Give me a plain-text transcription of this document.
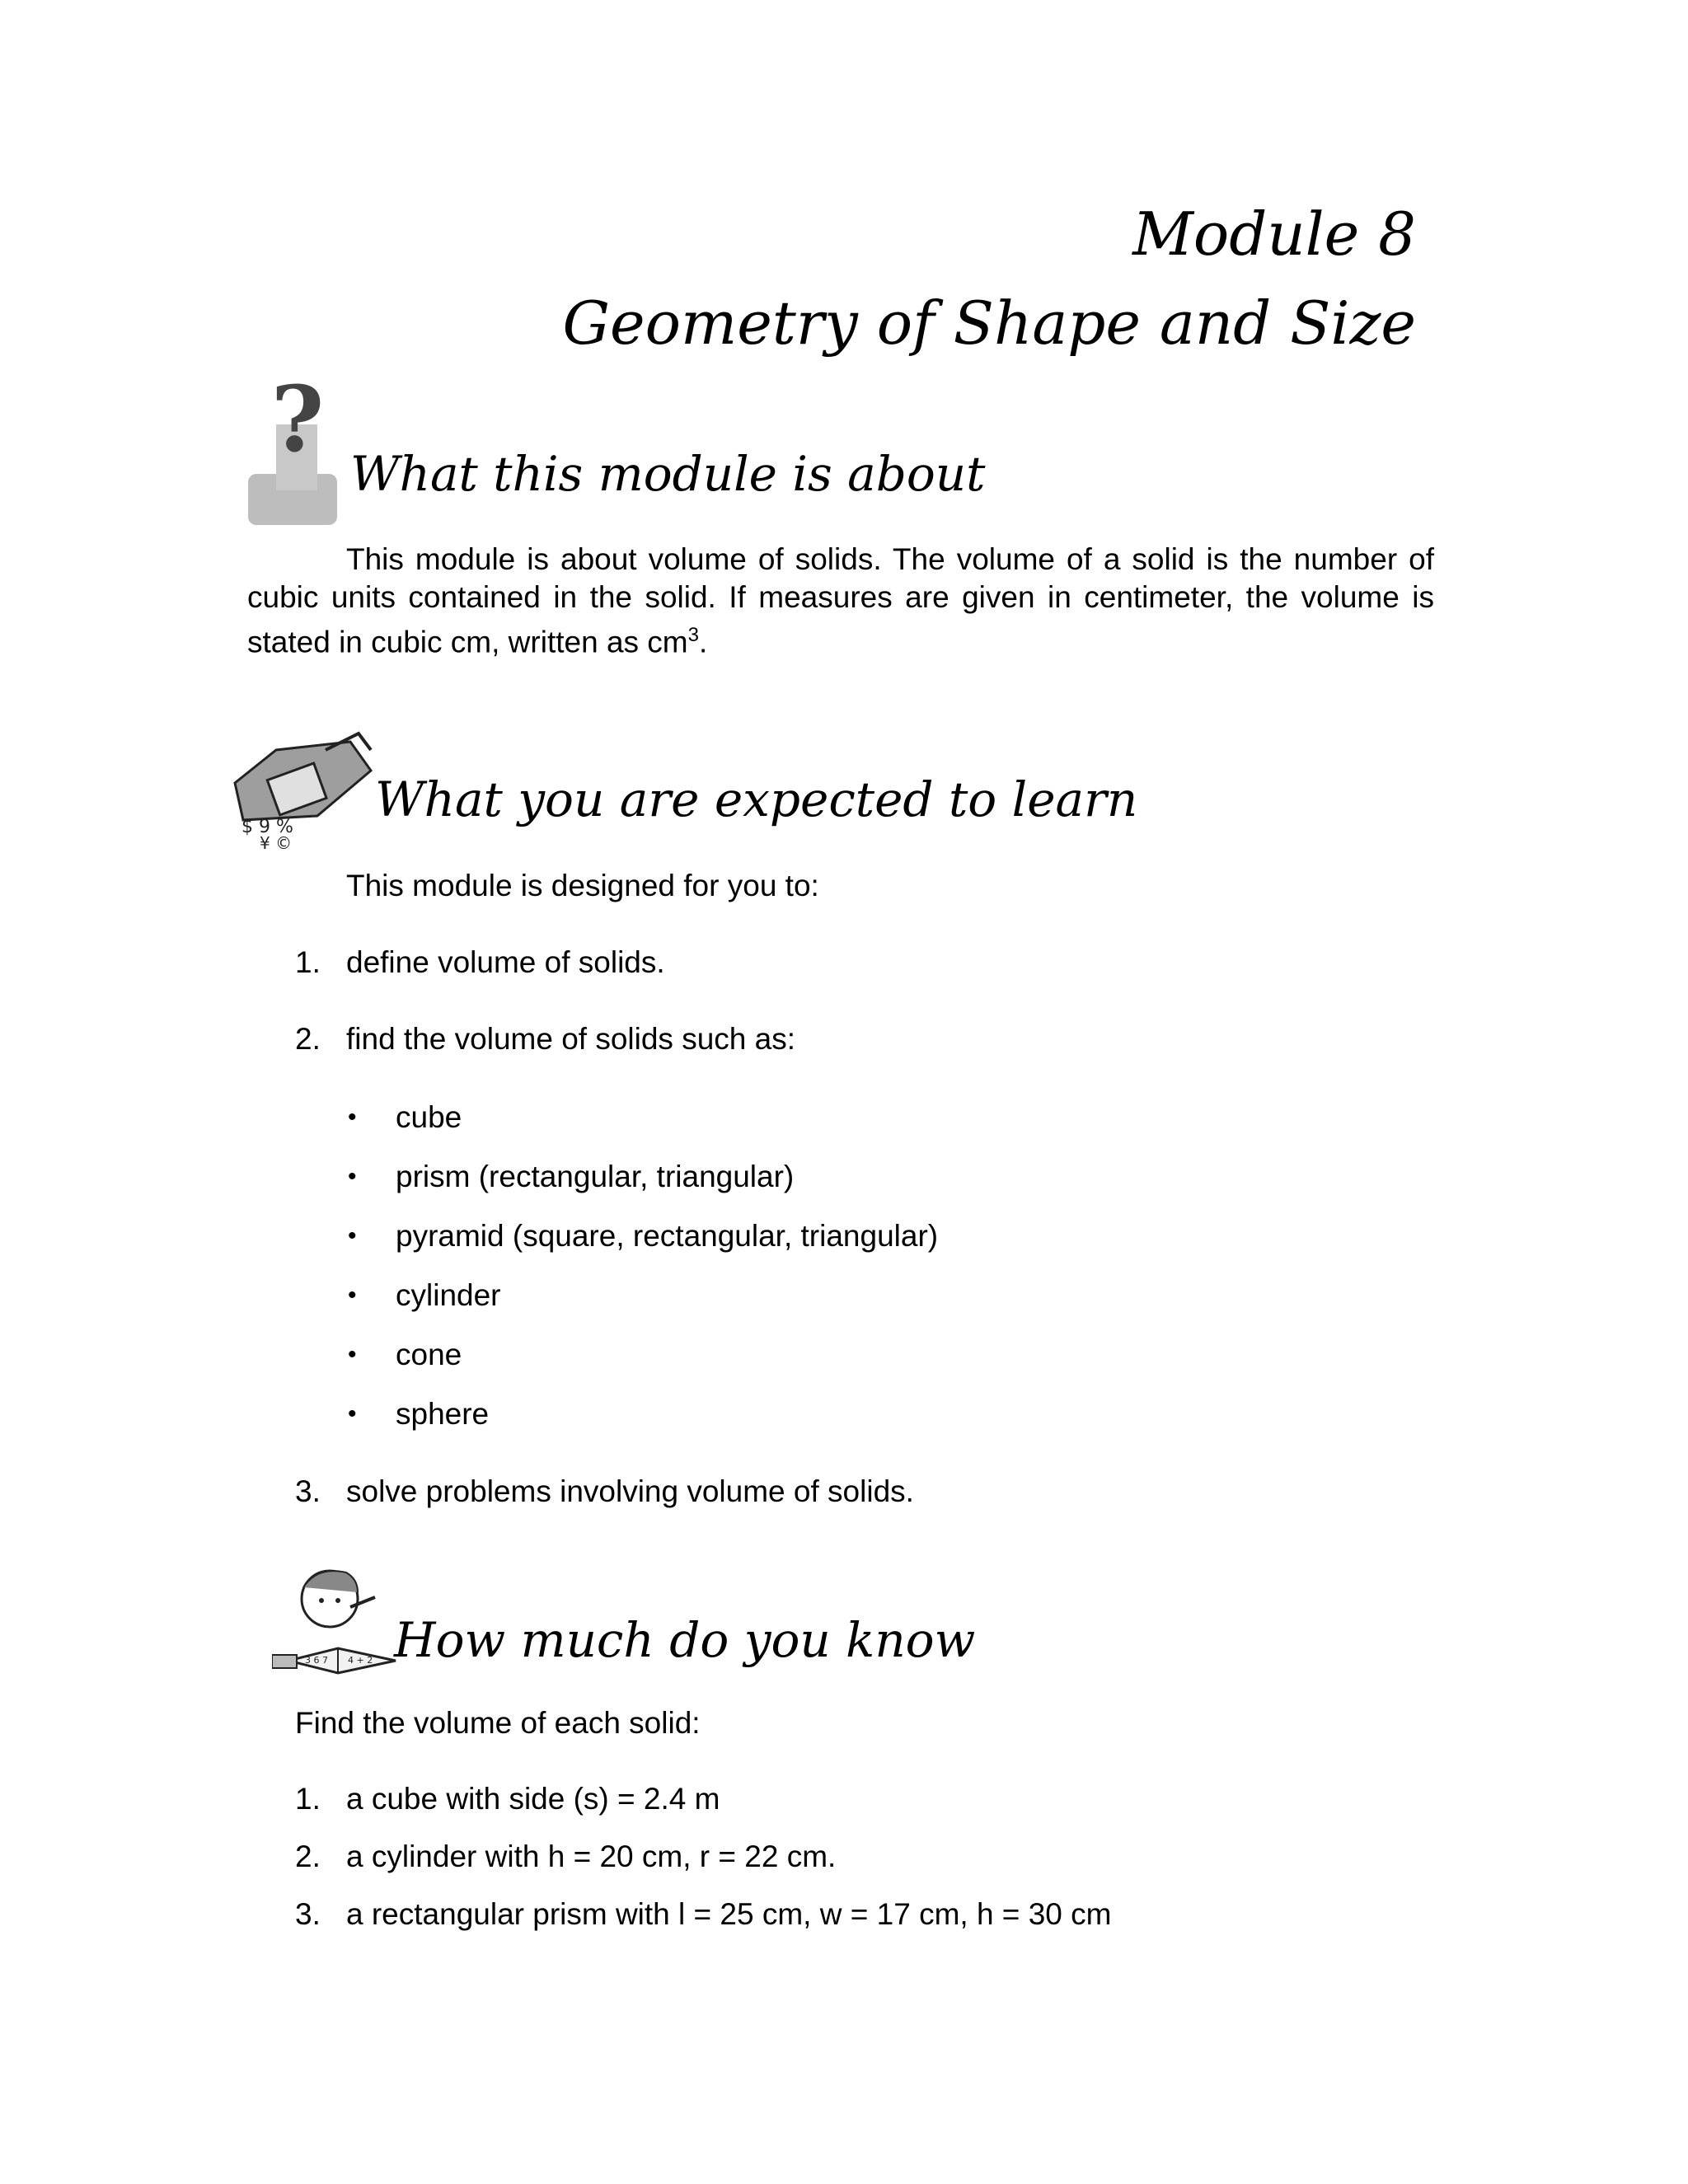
Module 8
Geometry of Shape and Size
?
What this module is about
This module is about volume of solids. The volume of a solid is the number of cubic units contained in the solid. If measures are given in centimeter, the volume is stated in cubic cm, written as $cm^3$.
$ 9 %
¥ ©
What you are expected to learn
This module is designed for you to:
1. define volume of solids.
2. find the volume of solids such as:
• cube
• prism (rectangular, triangular)
• pyramid (square, rectangular, triangular)
• cylinder
• cone
• sphere
3. solve problems involving volume of solids.
3 6 7 4 + 2 How much do you know
Find the volume of each solid:
1. a cube with side (s) = 2.4 m
2. a cylinder with h = 20 cm, r = 22 cm.
3. a rectangular prism with l = 25 cm, w = 17 cm, h = 30 cm
